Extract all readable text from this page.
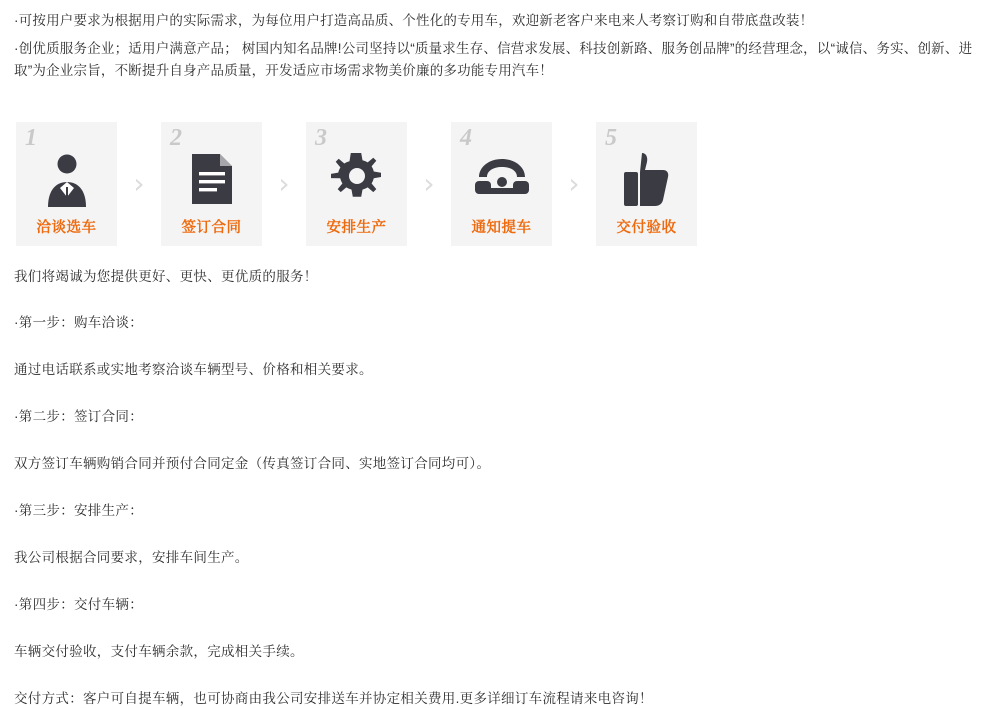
·可按用户要求为根据用户的实际需求，为每位用户打造高品质、个性化的专用车，欢迎新老客户来电来人考察订购和自带底盘改装！

·创优质服务企业；适用户满意产品； 树国内知名品牌!公司坚持以“质量求生存、信营求发展、科技创新路、服务创品牌”的经营理念，以“诚信、务实、创新、进取”为企业宗旨，不断提升自身产品质量，开发适应市场需求物美价廉的多功能专用汽车！

1
洽谈选车
›
2
签订合同
›
3
安排生产
›
4
通知提车
›
5
交付验收

我们将竭诚为您提供更好、更快、更优质的服务！

·第一步：购车洽谈：

通过电话联系或实地考察洽谈车辆型号、价格和相关要求。

·第二步：签订合同：

双方签订车辆购销合同并预付合同定金（传真签订合同、实地签订合同均可）。

·第三步：安排生产：

我公司根据合同要求，安排车间生产。

·第四步：交付车辆：

车辆交付验收，支付车辆余款，完成相关手续。

交付方式：客户可自提车辆，也可协商由我公司安排送车并协定相关费用.更多详细订车流程请来电咨询！
